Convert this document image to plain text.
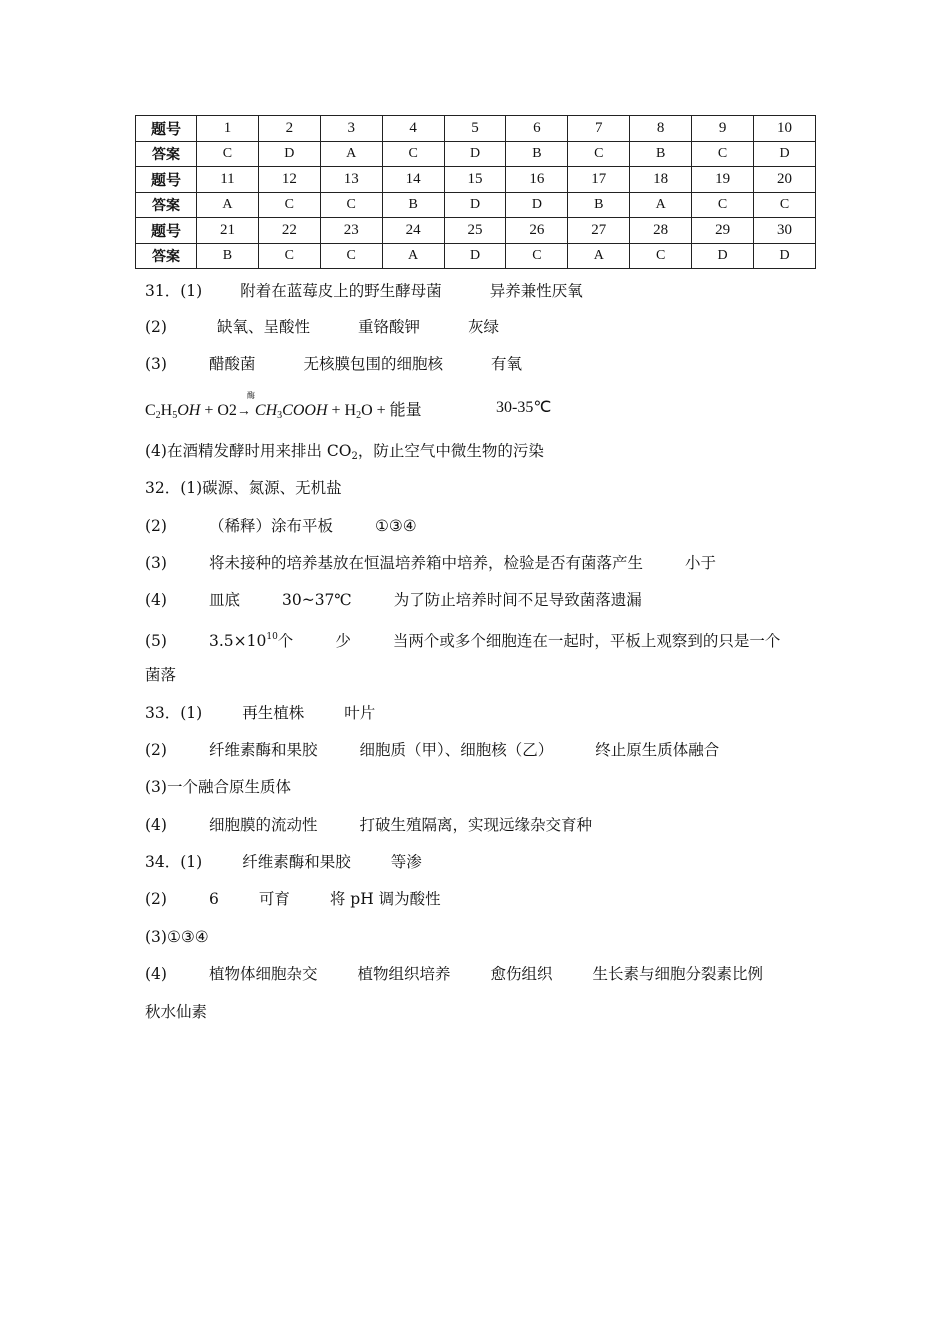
题号	1	2	3	4	5	6	7	8	9	10
答案	C	D	A	C	D	B	C	B	C	D
题号	11	12	13	14	15	16	17	18	19	20
答案	A	C	C	B	D	D	B	A	C	C
题号	21	22	23	24	25	26	27	28	29	30
答案	B	C	C	A	D	C	A	C	D	D
31．(1) 附着在蓝莓皮上的野生酵母菌	异养兼性厌氧
(2)	缺氧、呈酸性	重铬酸钾	灰绿
(3)	醋酸菌	无核膜包围的细胞核	有氧
酶
$C_2H_5OH + O2\to$ $CH_3COOH + H_2O$ + 能量	30-35℃
(4)在酒精发酵时用来排出 CO2，防止空气中微生物的污染
32．(1)碳源、氮源、无机盐
(2)	（稀释）涂布平板	①③④
(3)	将未接种的培养基放在恒温培养箱中培养，检验是否有菌落产生	小于
(4)	皿底	30~37℃	为了防止培养时间不足导致菌落遗漏
(5)	3.5×1010个	少	当两个或多个细胞连在一起时，平板上观察到的只是一个
菌落
33．(1)	再生植株	叶片
(2)	纤维素酶和果胶	细胞质（甲）、细胞核（乙）	终止原生质体融合
(3)一个融合原生质体
(4)	细胞膜的流动性	打破生殖隔离，实现远缘杂交育种
34．(1)	纤维素酶和果胶	等渗
(2)	6	可育	将 pH 调为酸性
(3)①③④
(4)	植物体细胞杂交	植物组织培养	愈伤组织	生长素与细胞分裂素比例
秋水仙素
